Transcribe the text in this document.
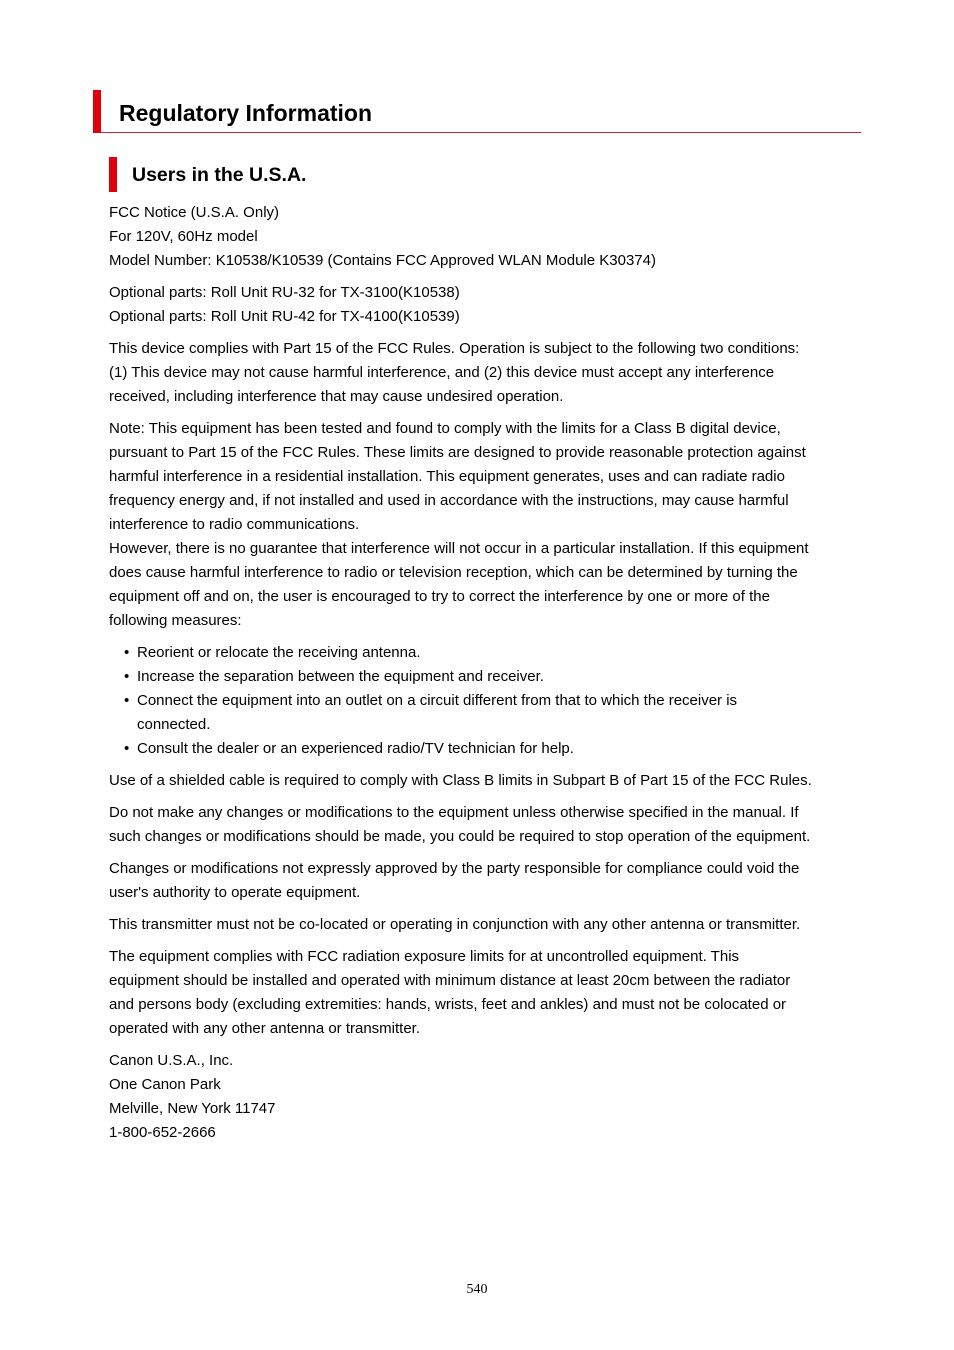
Regulatory Information
Users in the U.S.A.

FCC Notice (U.S.A. Only)
For 120V, 60Hz model
Model Number: K10538/K10539 (Contains FCC Approved WLAN Module K30374)

Optional parts: Roll Unit RU-32 for TX-3100(K10538)
Optional parts: Roll Unit RU-42 for TX-4100(K10539)

This device complies with Part 15 of the FCC Rules. Operation is subject to the following two conditions:
(1) This device may not cause harmful interference, and (2) this device must accept any interference
received, including interference that may cause undesired operation.

Note: This equipment has been tested and found to comply with the limits for a Class B digital device,
pursuant to Part 15 of the FCC Rules. These limits are designed to provide reasonable protection against
harmful interference in a residential installation. This equipment generates, uses and can radiate radio
frequency energy and, if not installed and used in accordance with the instructions, may cause harmful
interference to radio communications.
However, there is no guarantee that interference will not occur in a particular installation. If this equipment
does cause harmful interference to radio or television reception, which can be determined by turning the
equipment off and on, the user is encouraged to try to correct the interference by one or more of the
following measures:

• Reorient or relocate the receiving antenna.
• Increase the separation between the equipment and receiver.
• Connect the equipment into an outlet on a circuit different from that to which the receiver is
connected.
• Consult the dealer or an experienced radio/TV technician for help.

Use of a shielded cable is required to comply with Class B limits in Subpart B of Part 15 of the FCC Rules.

Do not make any changes or modifications to the equipment unless otherwise specified in the manual. If
such changes or modifications should be made, you could be required to stop operation of the equipment.

Changes or modifications not expressly approved by the party responsible for compliance could void the
user's authority to operate equipment.

This transmitter must not be co-located or operating in conjunction with any other antenna or transmitter.

The equipment complies with FCC radiation exposure limits for at uncontrolled equipment. This
equipment should be installed and operated with minimum distance at least 20cm between the radiator
and persons body (excluding extremities: hands, wrists, feet and ankles) and must not be colocated or
operated with any other antenna or transmitter.

Canon U.S.A., Inc.
One Canon Park
Melville, New York 11747
1-800-652-2666

540
